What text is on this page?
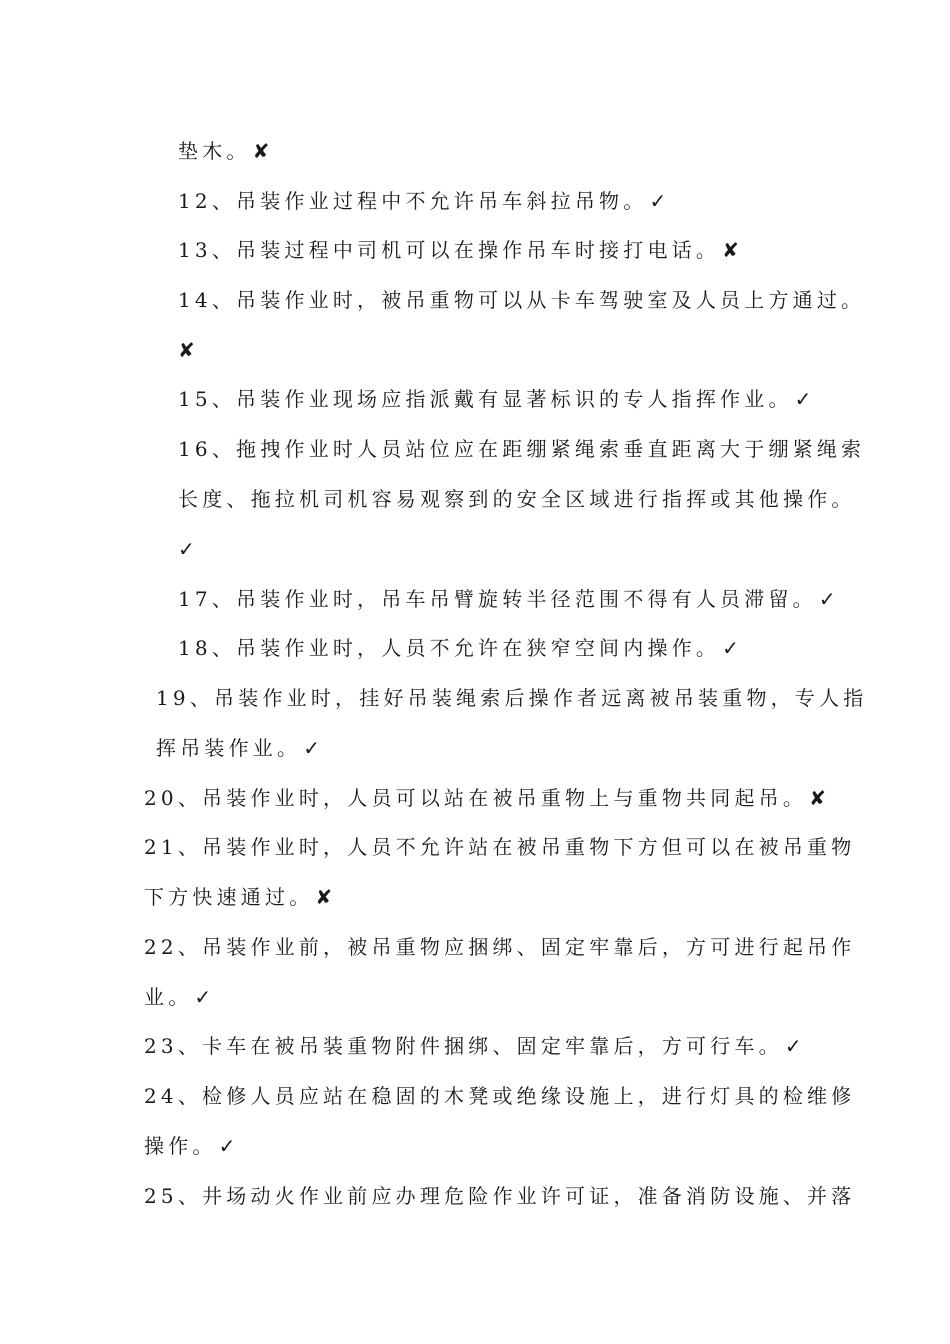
垫木。 ✘
12、吊装作业过程中不允许吊车斜拉吊物。 ✓
13、吊装过程中司机可以在操作吊车时接打电话。 ✘
14、吊装作业时，被吊重物可以从卡车驾驶室及人员上方通过。
✘
15、吊装作业现场应指派戴有显著标识的专人指挥作业。 ✓
16、拖拽作业时人员站位应在距绷紧绳索垂直距离大于绷紧绳索
长度、拖拉机司机容易观察到的安全区域进行指挥或其他操作。
✓
17、吊装作业时，吊车吊臂旋转半径范围不得有人员滞留。 ✓
18、吊装作业时，人员不允许在狭窄空间内操作。 ✓
19、吊装作业时，挂好吊装绳索后操作者远离被吊装重物，专人指
挥吊装作业。 ✓
20、吊装作业时，人员可以站在被吊重物上与重物共同起吊。 ✘
21、吊装作业时，人员不允许站在被吊重物下方但可以在被吊重物
下方快速通过。 ✘
22、吊装作业前，被吊重物应捆绑、固定牢靠后，方可进行起吊作
业。 ✓
23、卡车在被吊装重物附件捆绑、固定牢靠后，方可行车。 ✓
24、检修人员应站在稳固的木凳或绝缘设施上，进行灯具的检维修
操作。 ✓
25、井场动火作业前应办理危险作业许可证，准备消防设施、并落
